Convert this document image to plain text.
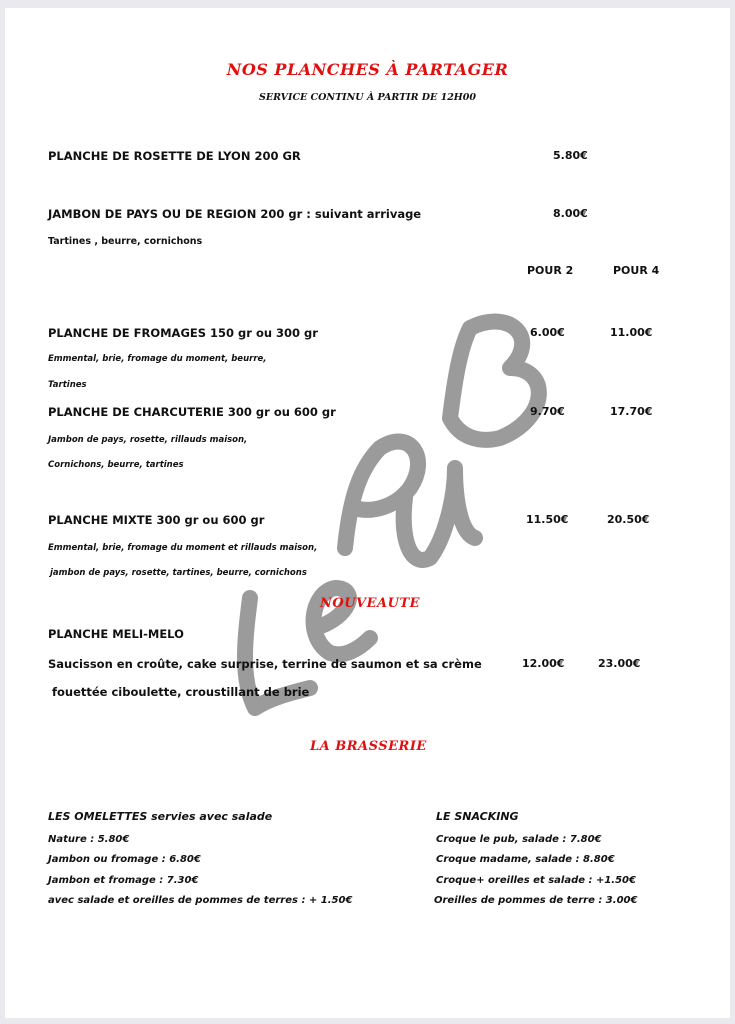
NOS PLANCHES À PARTAGER
SERVICE CONTINU À PARTIR DE 12H00
PLANCHE DE ROSETTE DE LYON 200 GR	5.80€
JAMBON DE PAYS OU DE REGION 200 gr : suivant arrivage	8.00€
Tartines , beurre, cornichons
POUR 2	POUR 4
PLANCHE DE FROMAGES 150 gr ou 300 gr	6.00€	11.00€
Emmental, brie, fromage du moment, beurre,
Tartines
PLANCHE DE CHARCUTERIE 300 gr ou 600 gr	9.70€	17.70€
Jambon de pays, rosette, rillauds maison,
Cornichons, beurre, tartines
PLANCHE MIXTE 300 gr ou 600 gr	11.50€	20.50€
Emmental, brie, fromage du moment et rillauds maison,
jambon de pays, rosette, tartines, beurre, cornichons
NOUVEAUTE
PLANCHE MELI-MELO
Saucisson en croûte, cake surprise, terrine de saumon et sa crème	12.00€	23.00€
fouettée ciboulette, croustillant de brie
LA BRASSERIE
LES OMELETTES servies avec salade
Nature : 5.80€
Jambon ou fromage : 6.80€
Jambon et fromage : 7.30€
avec salade et oreilles de pommes de terres : + 1.50€
LE SNACKING
Croque le pub, salade : 7.80€
Croque madame, salade : 8.80€
Croque+ oreilles et salade : +1.50€
Oreilles de pommes de terre : 3.00€
